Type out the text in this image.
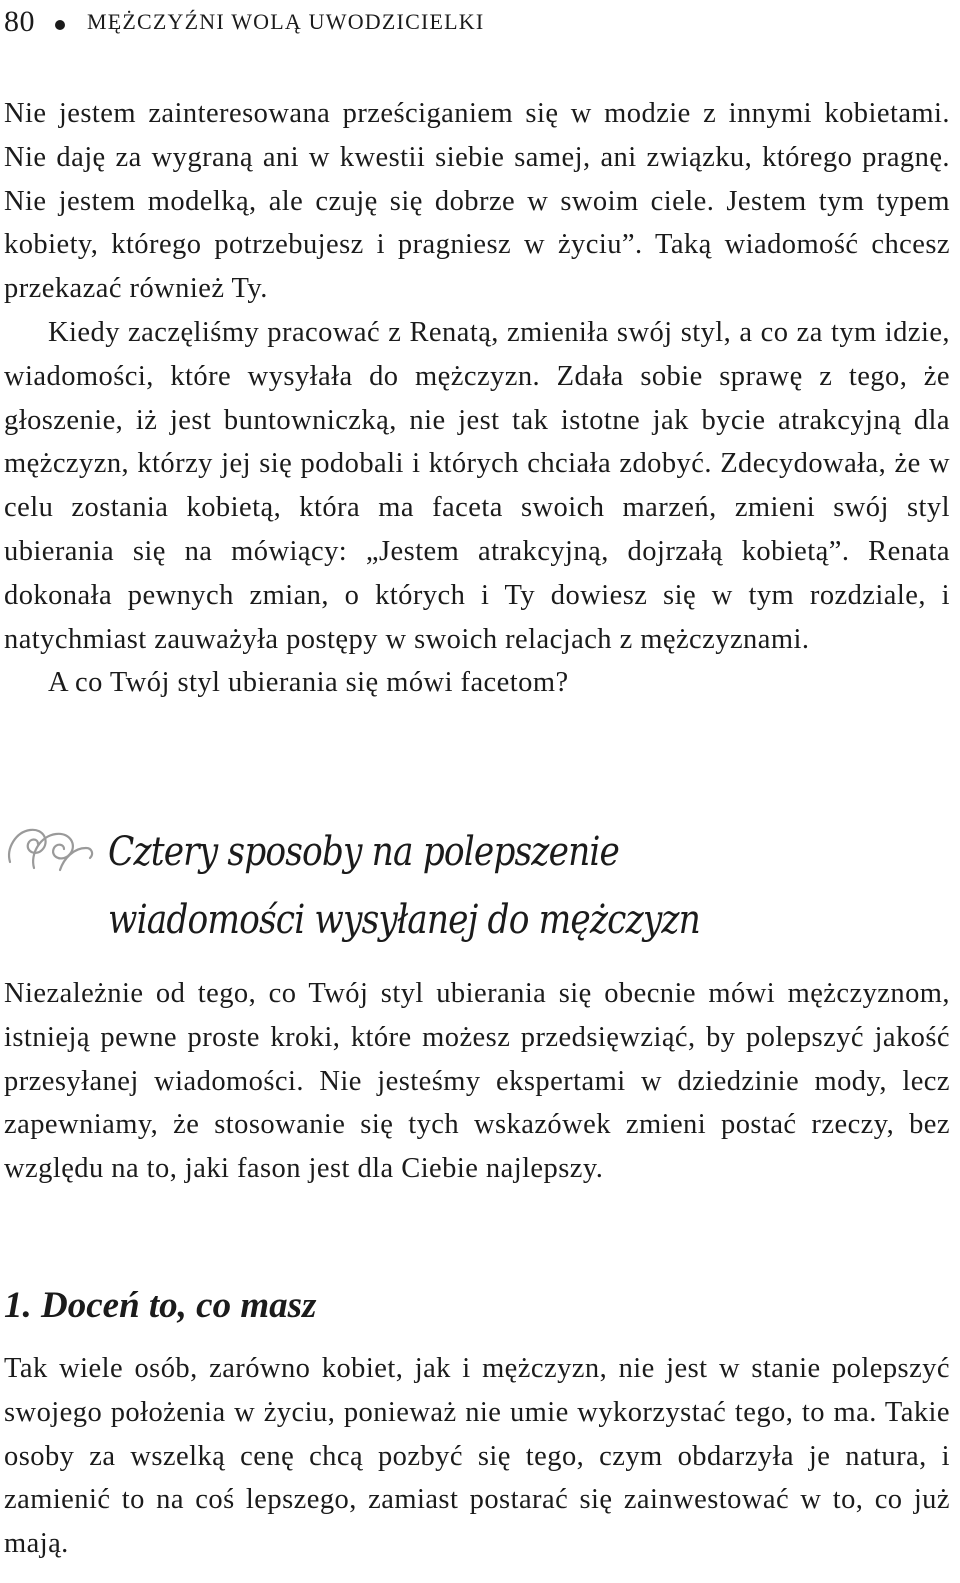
80 MĘŻCZYŹNI WOLĄ UWODZICIELKI

Nie jestem zainteresowana prześciganiem się w modzie z innymi kobietami. Nie daję za wygraną ani w kwestii siebie samej, ani związku, którego pragnę. Nie jestem modelką, ale czuję się dobrze w swoim ciele. Jestem tym typem kobiety, którego potrzebujesz i pragniesz w życiu”. Taką wiadomość chcesz przekazać również Ty.

Kiedy zaczęliśmy pracować z Renatą, zmieniła swój styl, a co za tym idzie, wiadomości, które wysyłała do mężczyzn. Zdała sobie sprawę z tego, że głoszenie, iż jest buntowniczką, nie jest tak istotne jak bycie atrakcyjną dla mężczyzn, którzy jej się podobali i których chciała zdobyć. Zdecydowała, że w celu zostania kobietą, która ma faceta swoich marzeń, zmieni swój styl ubierania się na mówiący: „Jestem atrakcyjną, dojrzałą kobietą”. Renata dokonała pewnych zmian, o których i Ty dowiesz się w tym rozdziale, i natychmiast zauważyła postępy w swoich relacjach z mężczyznami.

A co Twój styl ubierania się mówi facetom?

Cztery sposoby na polepszenie wiadomości wysyłanej do mężczyzn

Niezależnie od tego, co Twój styl ubierania się obecnie mówi mężczyznom, istnieją pewne proste kroki, które możesz przedsięwziąć, by polepszyć jakość przesyłanej wiadomości. Nie jesteśmy ekspertami w dziedzinie mody, lecz zapewniamy, że stosowanie się tych wskazówek zmieni postać rzeczy, bez względu na to, jaki fason jest dla Ciebie najlepszy.

1. Doceń to, co masz

Tak wiele osób, zarówno kobiet, jak i mężczyzn, nie jest w stanie polepszyć swojego położenia w życiu, ponieważ nie umie wykorzystać tego, to ma. Takie osoby za wszelką cenę chcą pozbyć się tego, czym obdarzyła je natura, i zamienić to na coś lepszego, zamiast postarać się zainwestować w to, co już mają.
